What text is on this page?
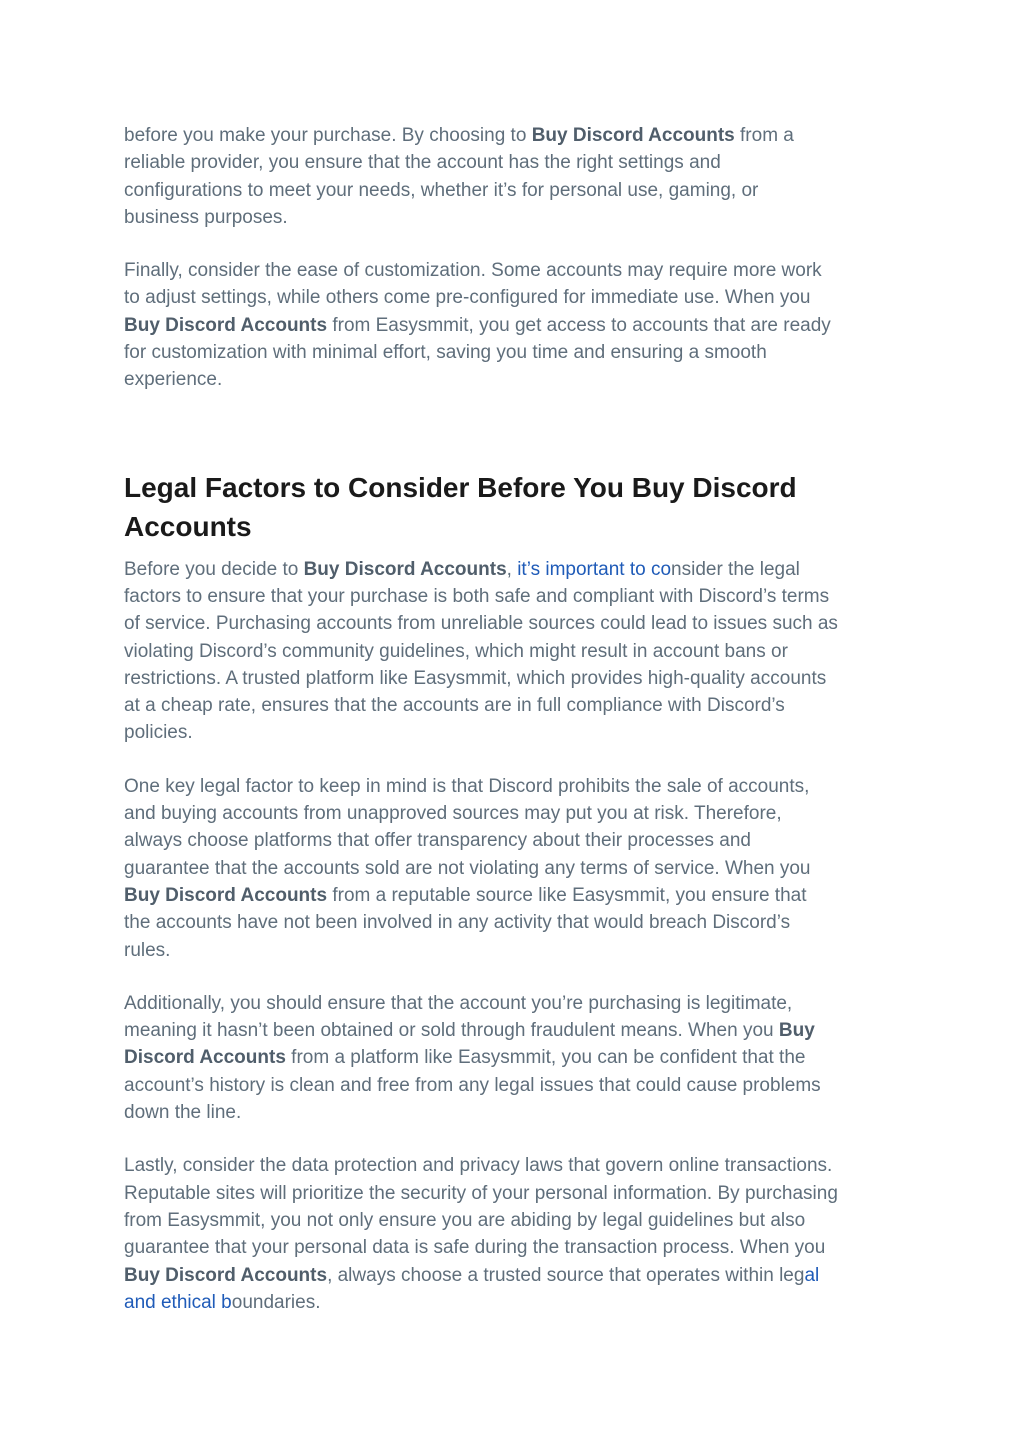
before you make your purchase. By choosing to Buy Discord Accounts from a
reliable provider, you ensure that the account has the right settings and
configurations to meet your needs, whether it’s for personal use, gaming, or
business purposes.

Finally, consider the ease of customization. Some accounts may require more work
to adjust settings, while others come pre-configured for immediate use. When you
Buy Discord Accounts from Easysmmit, you get access to accounts that are ready
for customization with minimal effort, saving you time and ensuring a smooth
experience.

Legal Factors to Consider Before You Buy Discord
Accounts

Before you decide to Buy Discord Accounts, it’s important to consider the legal
factors to ensure that your purchase is both safe and compliant with Discord’s terms
of service. Purchasing accounts from unreliable sources could lead to issues such as
violating Discord’s community guidelines, which might result in account bans or
restrictions. A trusted platform like Easysmmit, which provides high-quality accounts
at a cheap rate, ensures that the accounts are in full compliance with Discord’s
policies.

One key legal factor to keep in mind is that Discord prohibits the sale of accounts,
and buying accounts from unapproved sources may put you at risk. Therefore,
always choose platforms that offer transparency about their processes and
guarantee that the accounts sold are not violating any terms of service. When you
Buy Discord Accounts from a reputable source like Easysmmit, you ensure that
the accounts have not been involved in any activity that would breach Discord’s
rules.

Additionally, you should ensure that the account you’re purchasing is legitimate,
meaning it hasn’t been obtained or sold through fraudulent means. When you Buy
Discord Accounts from a platform like Easysmmit, you can be confident that the
account’s history is clean and free from any legal issues that could cause problems
down the line.

Lastly, consider the data protection and privacy laws that govern online transactions.
Reputable sites will prioritize the security of your personal information. By purchasing
from Easysmmit, you not only ensure you are abiding by legal guidelines but also
guarantee that your personal data is safe during the transaction process. When you
Buy Discord Accounts, always choose a trusted source that operates within legal
and ethical boundaries.
